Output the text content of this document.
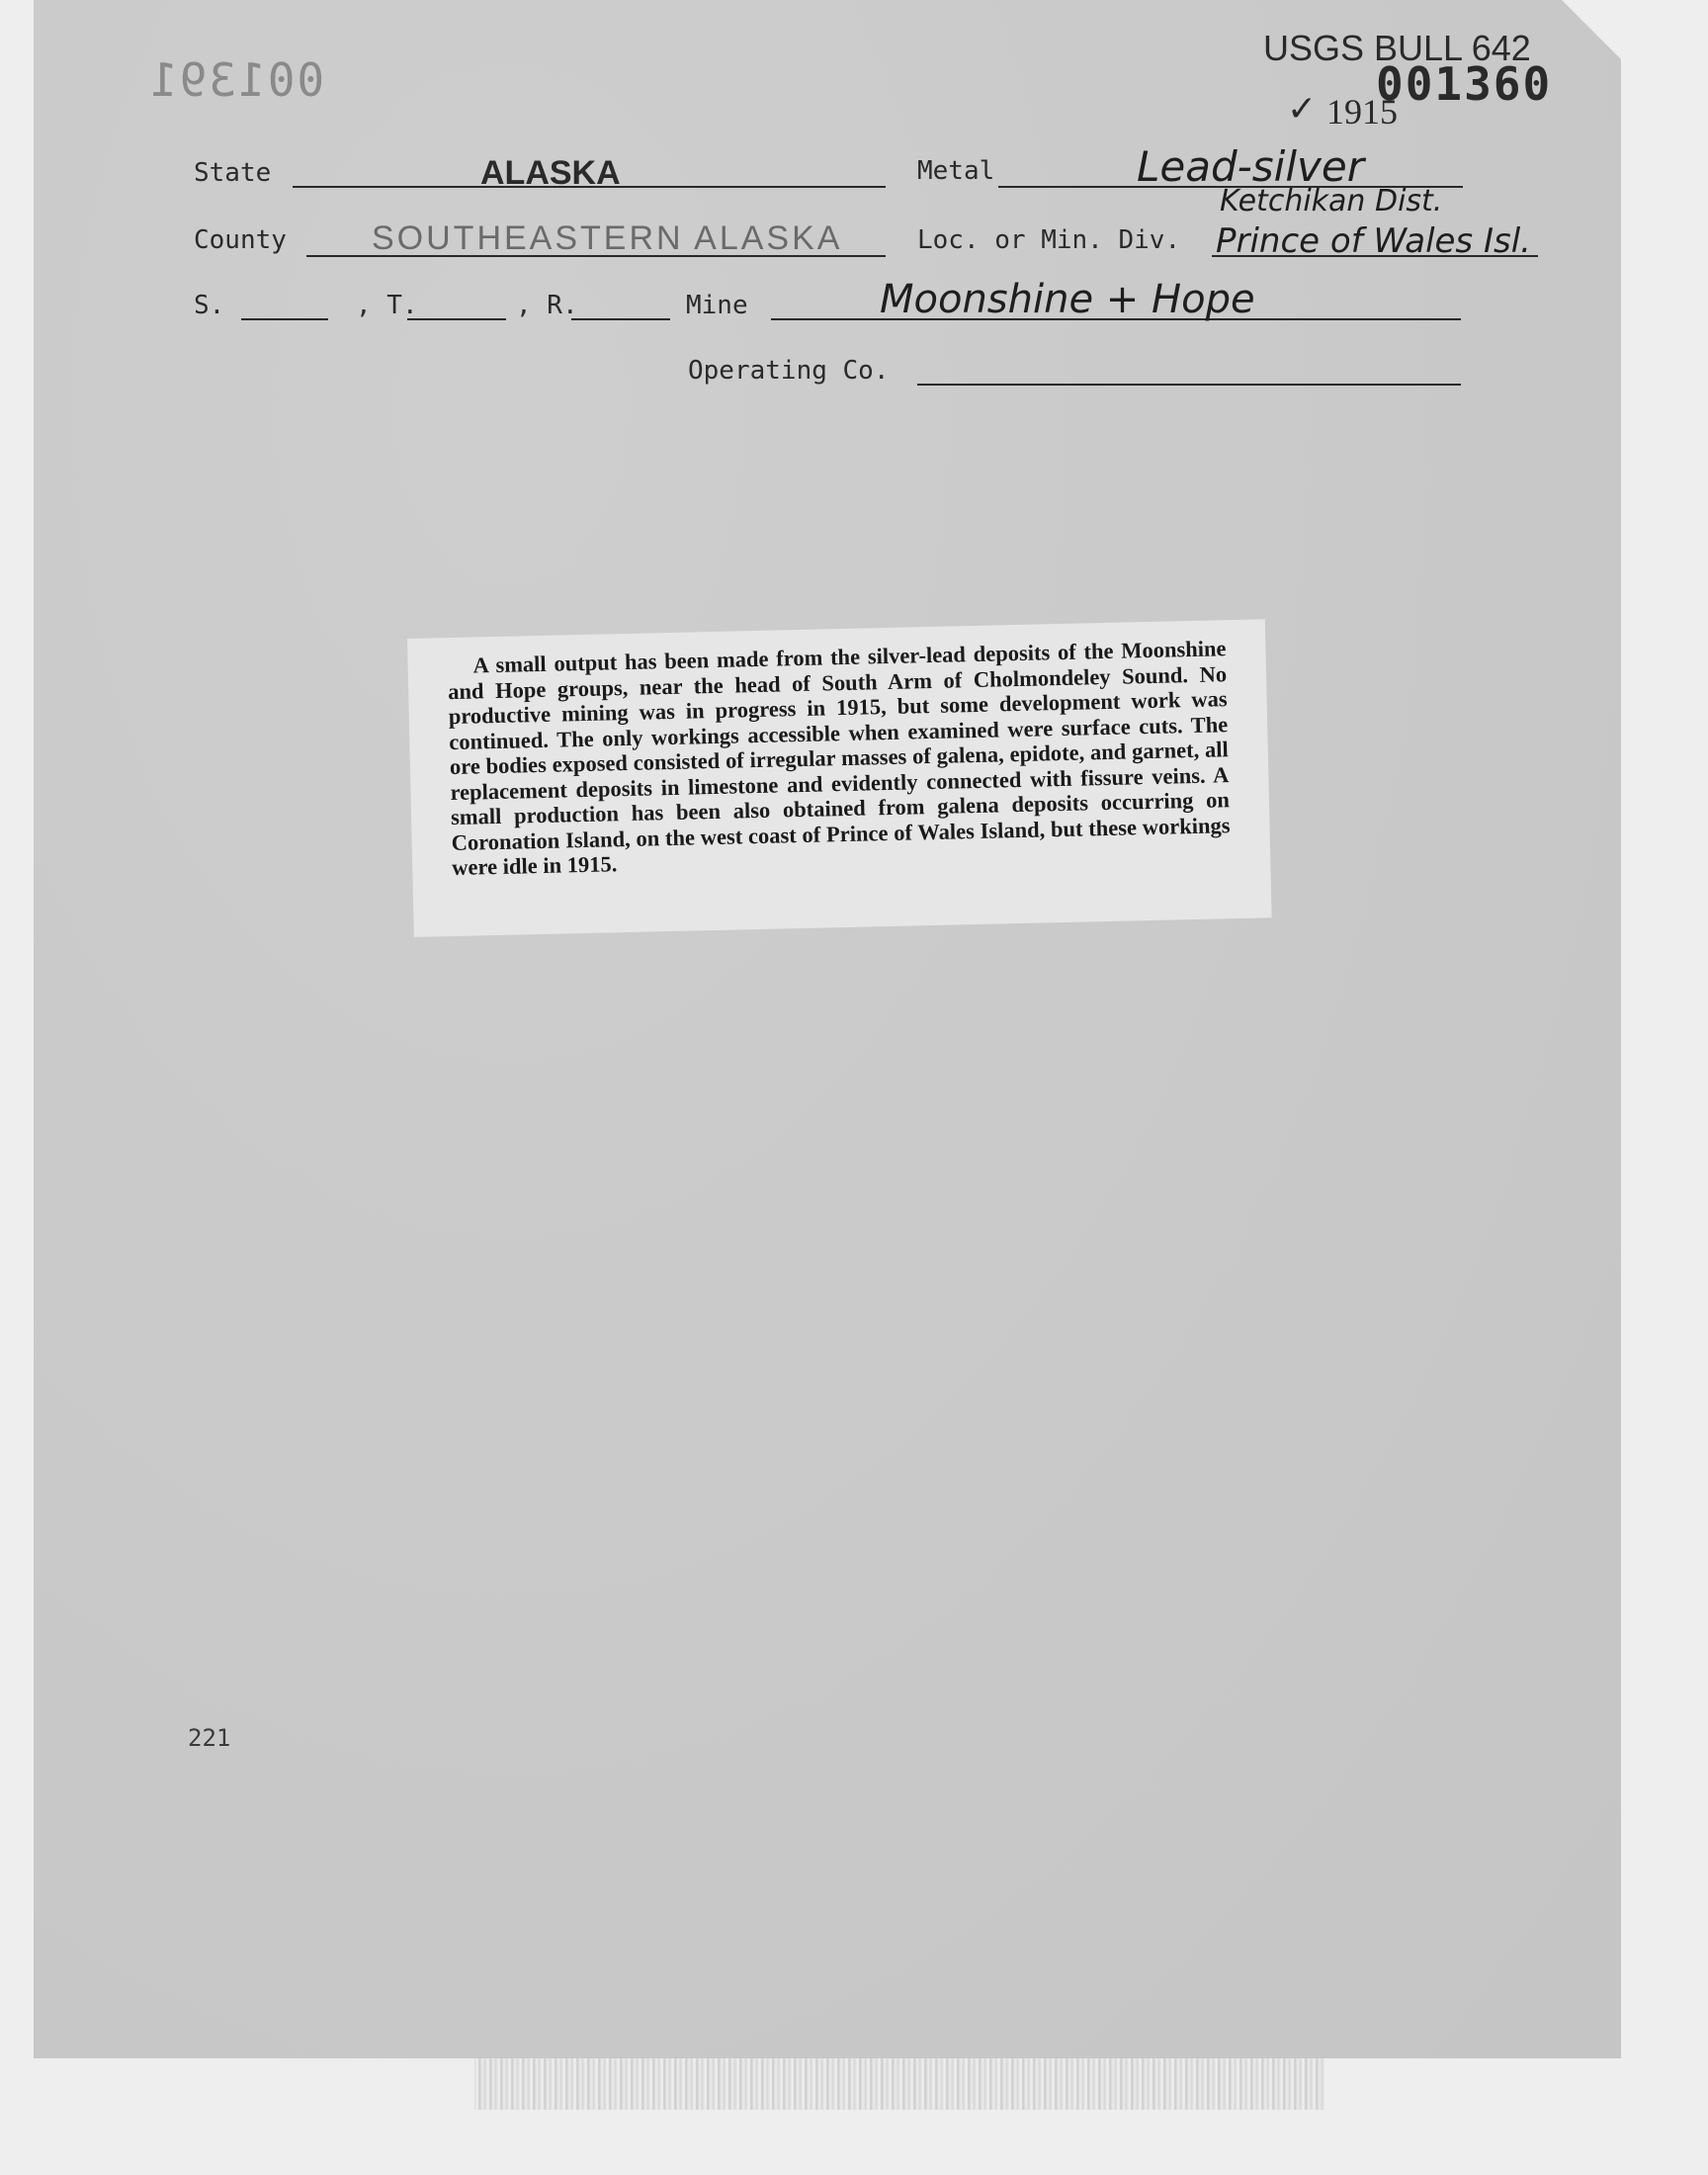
001391
USGS BULL 642
001360
✓ 1915
State	ALASKA	Metal	Lead-silver
County	SOUTHEASTERN ALASKA	Loc. or Min. Div.
Ketchikan Dist.
Prince of Wales Isl.
S.	, T.	, R.	Mine	Moonshine + Hope
Operating Co.

A small output has been made from the silver-lead deposits of the Moonshine and Hope groups, near the head of South Arm of Cholmondeley Sound. No productive mining was in progress in 1915, but some development work was continued. The only workings accessible when examined were surface cuts. The ore bodies exposed consisted of irregular masses of galena, epidote, and garnet, all replacement deposits in limestone and evidently connected with fissure veins. A small production has been also obtained from galena deposits occurring on Coronation Island, on the west coast of Prince of Wales Island, but these workings were idle in 1915.

221
